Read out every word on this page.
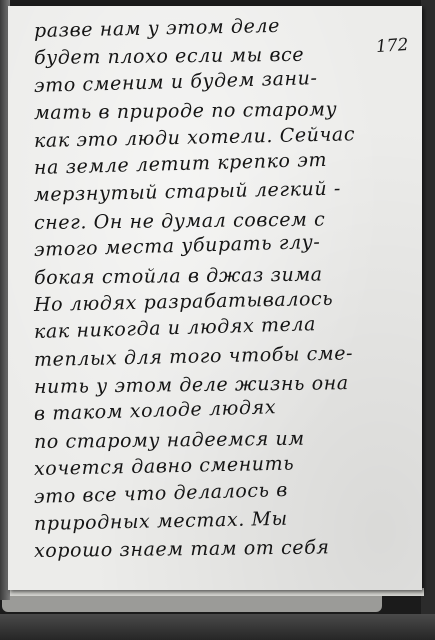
172
разве нам у этом деле
будет плохо если мы все
это сменим и будем зани-
мать в природе по старому
как это люди хотели. Сейчас
на земле летит крепко эт
мерзнутый старый легкий -
снег. Он не думал совсем с
этого места убирать глу-
бокая стойла в джаз зима
Но людях разрабатывалось
как никогда и людях тела
теплых для того чтобы сме-
нить у этом деле жизнь она
в таком холоде людях
по старому надеемся им
хочется давно сменить
это все что делалось в
природных местах. Мы
хорошо знаем там от себя
